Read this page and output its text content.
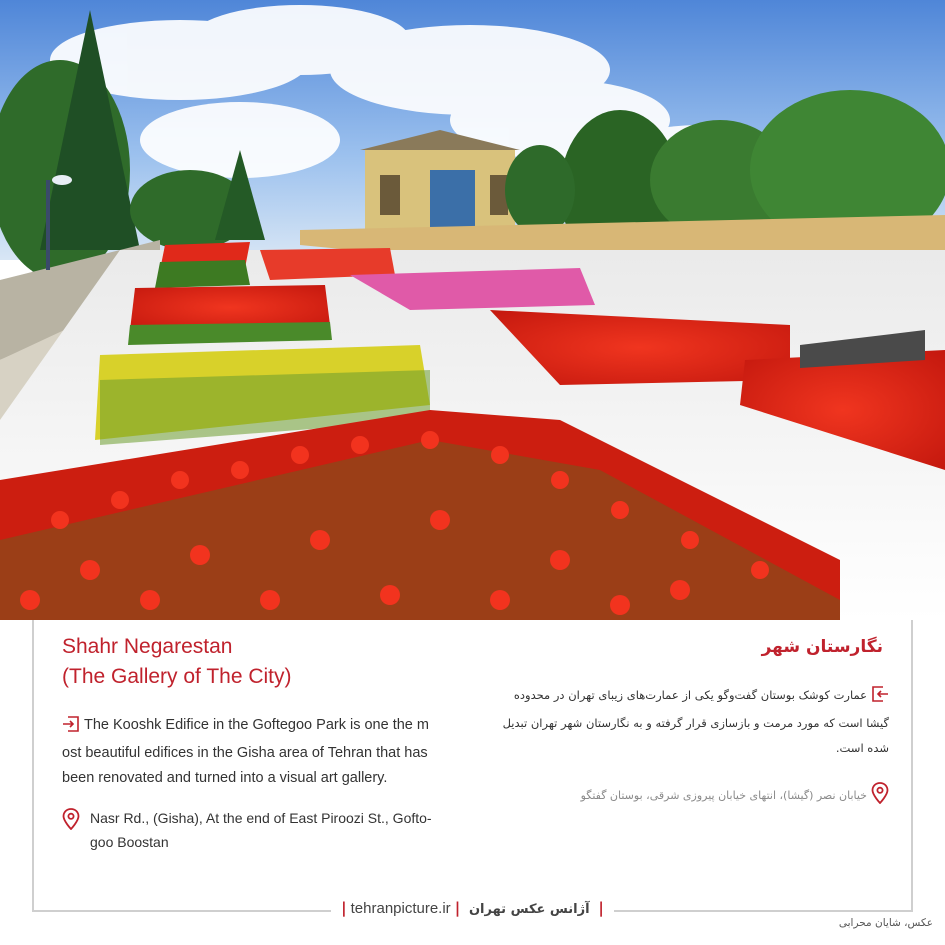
Shahr Negarestan
(The Gallery of The City)
نگارستان شهر
The Kooshk Edifice in the Goftegoo Park is one the m ost beautiful edifices in the Gisha area of Tehran that has been renovated and turned into a visual art gallery.
Nasr Rd., (Gisha), At the end of East Piroozi St., Gofto-goo Boostan
عمارت کوشک بوستان گفت‌وگو یکی از عمارت‌های زیبای تهران در محدوده گیشا است که مورد مرمت و بازسازی قرار گرفته و به نگارستان شهر تهران تبدیل شده است.
خیابان نصر (گیشا)، انتهای خیابان پیروزی شرقی، بوستان گفتگو
| tehranpicture.ir | آژانس عکس تهران |
عکس، شایان محرابی
